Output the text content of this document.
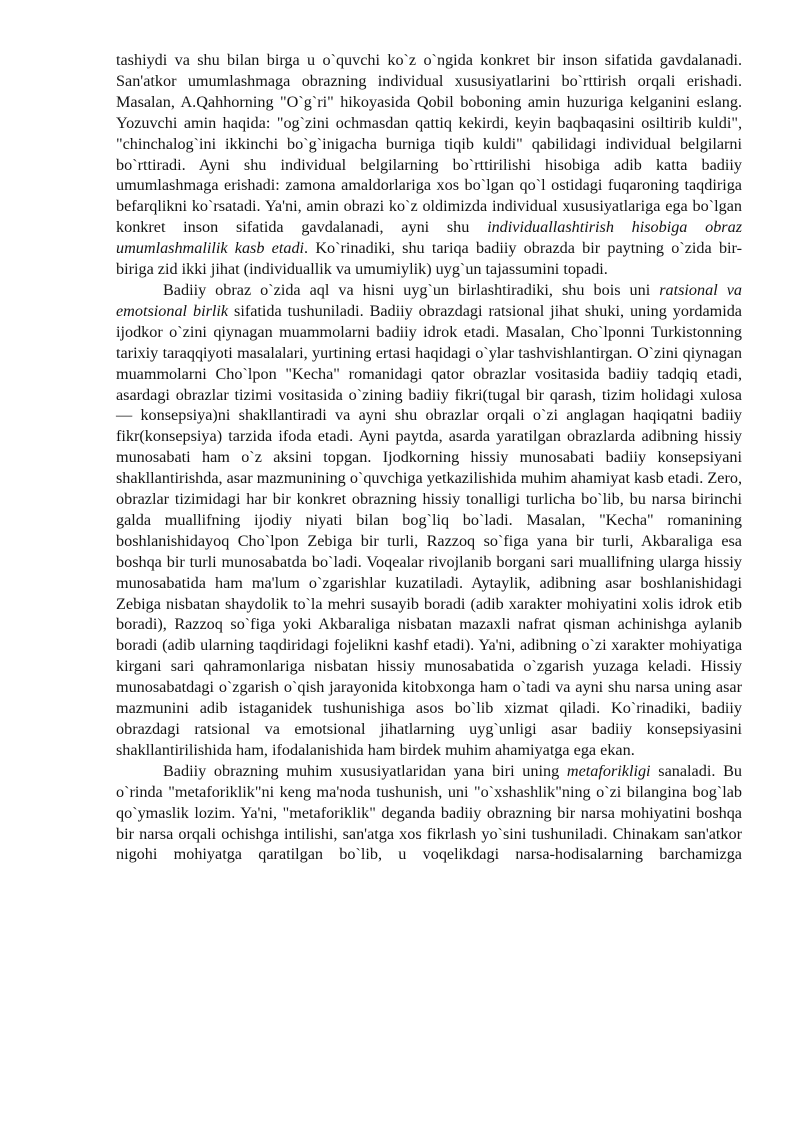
tashiydi va shu bilan birga u o`quvchi ko`z o`ngida konkret bir inson sifatida gavdalanadi. San'atkor umumlashmaga obrazning individual xususiyatlarini bo`rttirish orqali erishadi. Masalan, A.Qahhorning "O`g`ri" hikoyasida Qobil boboning amin huzuriga kelganini eslang. Yozuvchi amin haqida: "og`zini ochmasdan qattiq kekirdi, keyin baqbaqasini osiltirib kuldi", "chinchalog`ini ikkinchi bo`g`inigacha burniga tiqib kuldi" qabilidagi individual belgilarni bo`rttiradi. Ayni shu individual belgilarning bo`rttirilishi hisobiga adib katta badiiy umumlashmaga erishadi: zamona amaldorlariga xos bo`lgan qo`l ostidagi fuqaroning taqdiriga befarqlikni ko`rsatadi. Ya'ni, amin obrazi ko`z oldimizda individual xususiyatlariga ega bo`lgan konkret inson sifatida gavdalanadi, ayni shu individuallashtirish hisobiga obraz umumlashmalilik kasb etadi. Ko`rinadiki, shu tariqa badiiy obrazda bir paytning o`zida bir-biriga zid ikki jihat (individuallik va umumiylik) uyg`un tajassumini topadi.

Badiiy obraz o`zida aql va hisni uyg`un birlashtiradiki, shu bois uni ratsional va emotsional birlik sifatida tushuniladi. Badiiy obrazdagi ratsional jihat shuki, uning yordamida ijodkor o`zini qiynagan muammolarni badiiy idrok etadi. Masalan, Cho`lponni Turkistonning tarixiy taraqqiyoti masalalari, yurtining ertasi haqidagi o`ylar tashvishlantirgan. O`zini qiynagan muammolarni Cho`lpon "Kecha" romanidagi qator obrazlar vositasida badiiy tadqiq etadi, asardagi obrazlar tizimi vositasida o`zining badiiy fikri(tugal bir qarash, tizim holidagi xulosa — konsepsiya)ni shakllantiradi va ayni shu obrazlar orqali o`zi anglagan haqiqatni badiiy fikr(konsepsiya) tarzida ifoda etadi. Ayni paytda, asarda yaratilgan obrazlarda adibning hissiy munosabati ham o`z aksini topgan. Ijodkorning hissiy munosabati badiiy konsepsiyani shakllantirishda, asar mazmunining o`quvchiga yetkazilishida muhim ahamiyat kasb etadi. Zero, obrazlar tizimidagi har bir konkret obrazning hissiy tonalligi turlicha bo`lib, bu narsa birinchi galda muallifning ijodiy niyati bilan bog`liq bo`ladi. Masalan, "Kecha" romanining boshlanishidayoq Cho`lpon Zebiga bir turli, Razzoq so`figa yana bir turli, Akbaraliga esa boshqa bir turli munosabatda bo`ladi. Voqealar rivojlanib borgani sari muallifning ularga hissiy munosabatida ham ma'lum o`zgarishlar kuzatiladi. Aytaylik, adibning asar boshlanishidagi Zebiga nisbatan shaydolik to`la mehri susayib boradi (adib xarakter mohiyatini xolis idrok etib boradi), Razzoq so`figa yoki Akbaraliga nisbatan mazaxli nafrat qisman achinishga aylanib boradi (adib ularning taqdiridagi fojelikni kashf etadi). Ya'ni, adibning o`zi xarakter mohiyatiga kirgani sari qahramonlariga nisbatan hissiy munosabatida o`zgarish yuzaga keladi. Hissiy munosabatdagi o`zgarish o`qish jarayonida kitobxonga ham o`tadi va ayni shu narsa uning asar mazmunini adib istaganidek tushunishiga asos bo`lib xizmat qiladi. Ko`rinadiki, badiiy obrazdagi ratsional va emotsional jihatlarning uyg`unligi asar badiiy konsepsiyasini shakllantirilishida ham, ifodalanishida ham birdek muhim ahamiyatga ega ekan.

Badiiy obrazning muhim xususiyatlaridan yana biri uning metaforikligi sanaladi. Bu o`rinda "metaforiklik"ni keng ma'noda tushunish, uni "o`xshashlik"ning o`zi bilangina bog`lab qo`ymaslik lozim. Ya'ni, "metaforiklik" deganda badiiy obrazning bir narsa mohiyatini boshqa bir narsa orqali ochishga intilishi, san'atga xos fikrlash yo`sini tushuniladi. Chinakam san'atkor nigohi mohiyatga qaratilgan bo`lib, u voqelikdagi narsa-hodisalarning barchamizga
